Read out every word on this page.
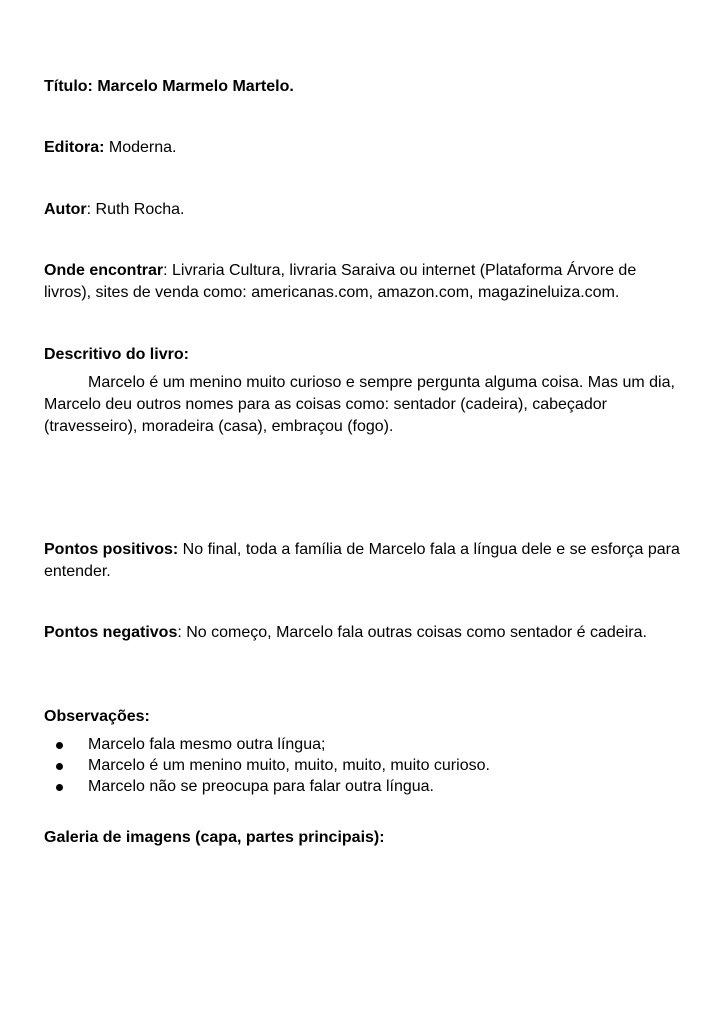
Título: Marcelo Marmelo Martelo.
Editora: Moderna.
Autor: Ruth Rocha.
Onde encontrar: Livraria Cultura, livraria Saraiva ou internet (Plataforma Árvore de livros), sites de venda como: americanas.com, amazon.com, magazineluiza.com.
Descritivo do livro:
Marcelo é um menino muito curioso e sempre pergunta alguma coisa. Mas um dia, Marcelo deu outros nomes para as coisas como: sentador (cadeira), cabeçador (travesseiro), moradeira (casa), embraçou (fogo).
Pontos positivos: No final, toda a família de Marcelo fala a língua dele e se esforça para entender.
Pontos negativos: No começo, Marcelo fala outras coisas como sentador é cadeira.
Observações:
Marcelo fala mesmo outra língua;
Marcelo é um menino muito, muito, muito, muito curioso.
Marcelo não se preocupa para falar outra língua.
Galeria de imagens (capa, partes principais):
